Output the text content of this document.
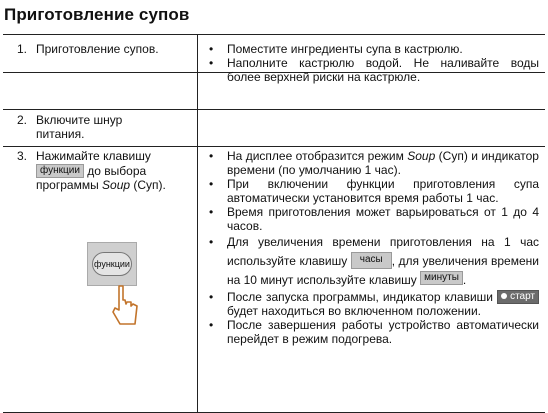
Приготовление супов
1. Приготовление супов.
•	Поместите ингредиенты супа в кастрюлю.
• Наполните кастрюлю водой. Не наливайте воды
более верхней риски на кастрюле.
2. Включите шнур
питания.
3. Нажимайте клавишу
функции до выбора
программы Soup (Суп).
функции
• На дисплее отобразится режим Soup (Суп) и индикатор времени (по умолчанию 1 час).
• При включении функции приготовления супа автоматически установится время работы 1 час.
• Время приготовления может варьироваться от 1 до 4 часов.
• Для увеличения времени приготовления на 1 час используйте клавишу часы , для увеличения времени на 10 минут используйте клавишу минуты .
• После запуска программы, индикатор клавиши старт будет находиться во включенном положении.
• После завершения работы устройство автоматически перейдет в режим подогрева.
